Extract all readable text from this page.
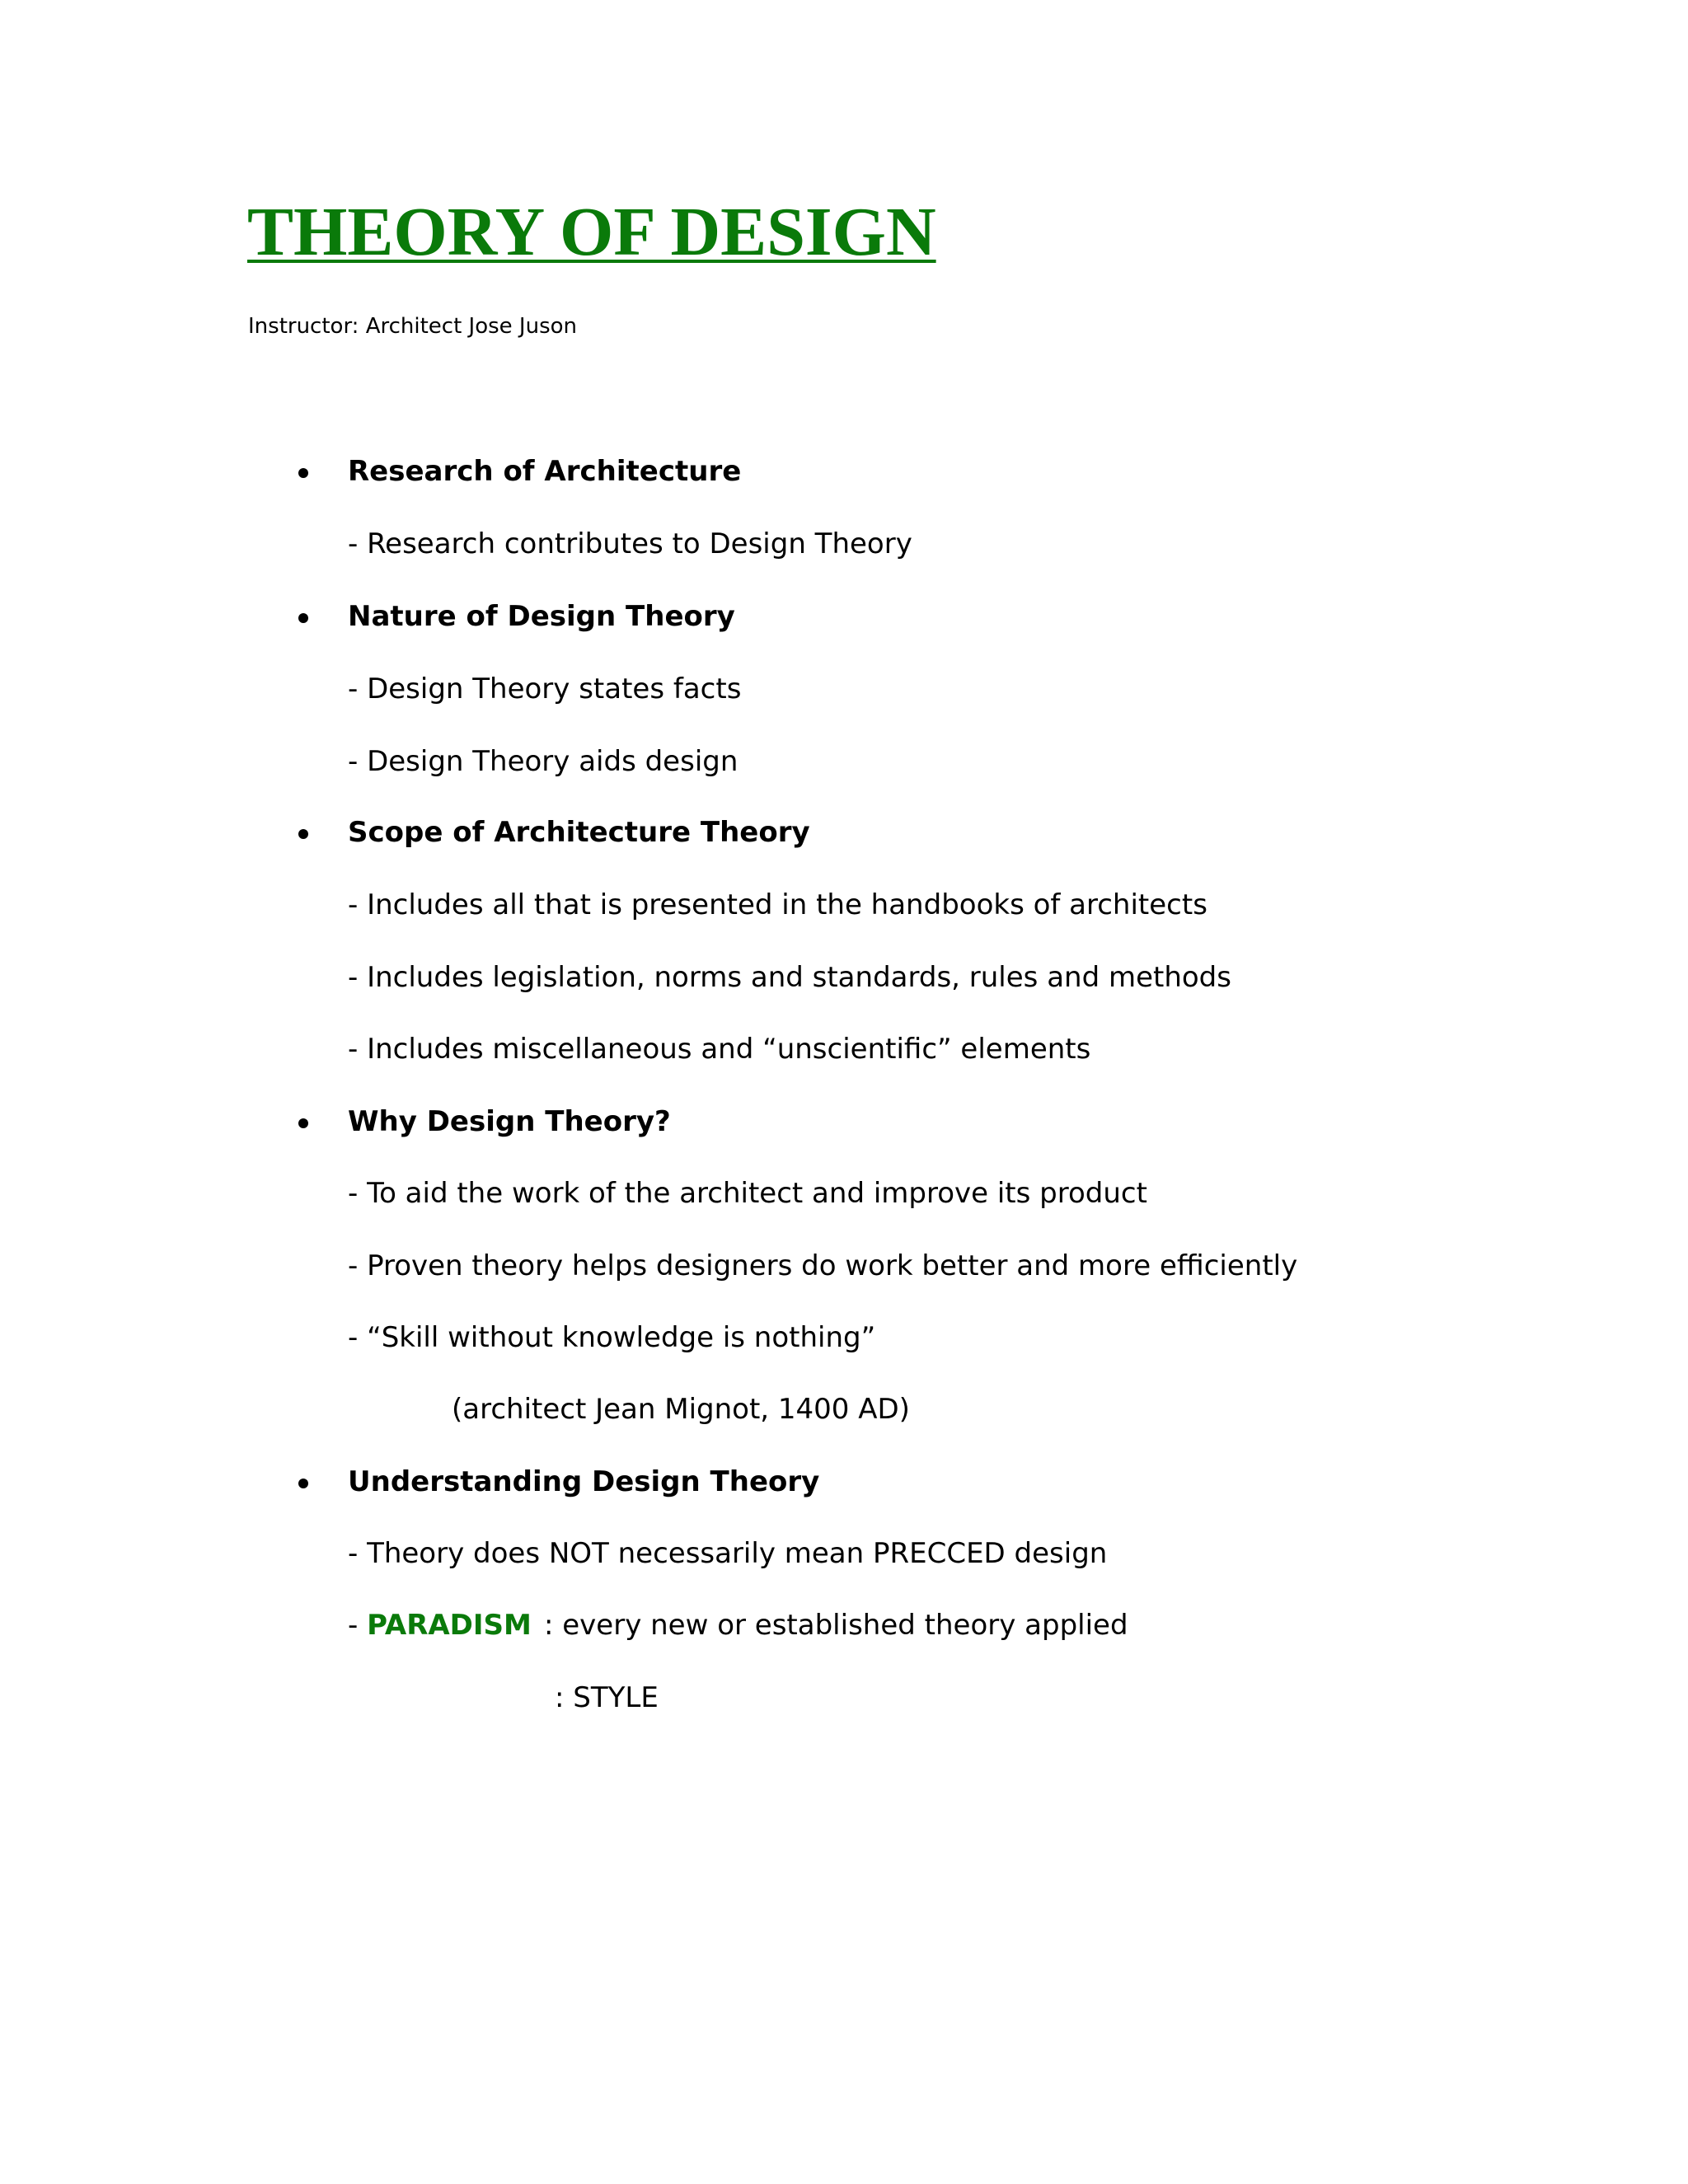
THEORY OF DESIGN
Instructor: Architect Jose Juson
Research of Architecture
- Research contributes to Design Theory
Nature of Design Theory
- Design Theory states facts
- Design Theory aids design
Scope of Architecture Theory
- Includes all that is presented in the handbooks of architects
- Includes legislation, norms and standards, rules and methods
- Includes miscellaneous and “unscientific” elements
Why Design Theory?
- To aid the work of the architect and improve its product
- Proven theory helps designers do work better and more efficiently
- “Skill without knowledge is nothing”
(architect Jean Mignot, 1400 AD)
Understanding Design Theory
- Theory does NOT necessarily mean PRECCED design
- PARADISM : every new or established theory applied
: STYLE
